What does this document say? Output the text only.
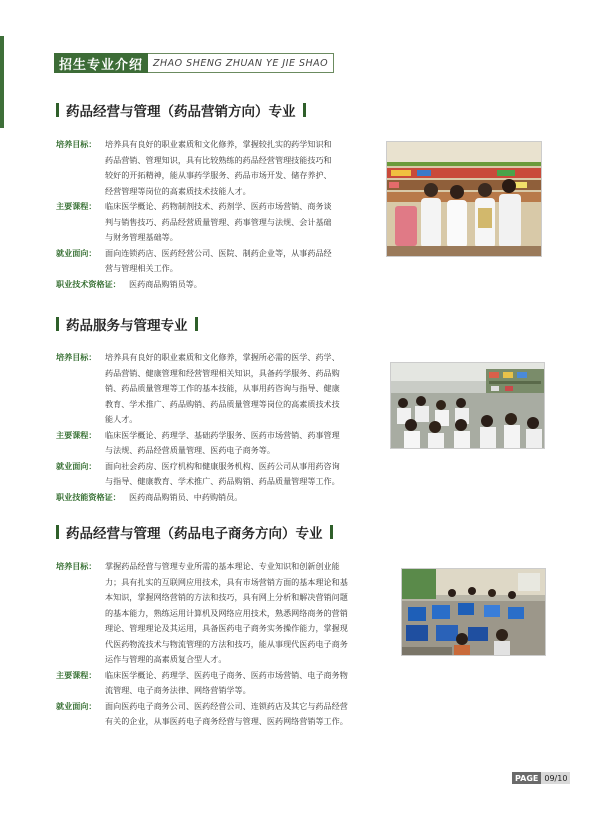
招生专业介绍	ZHAO SHENG ZHUAN YE JIE SHAO
药品经营与管理（药品营销方向）专业
培养目标： 培养具有良好的职业素质和文化修养，掌握较扎实的药学知识和
药品营销、管理知识，具有比较熟练的药品经营管理技能技巧和
较好的开拓精神，能从事药学服务、药品市场开发、储存养护、
经营管理等岗位的高素质技术技能人才。
主要课程： 临床医学概论、药物制剂技术、药剂学、医药市场营销、商务谈
判与销售技巧、药品经营质量管理、药事管理与法规、会计基础
与财务管理基础等。
就业面向： 面向连锁药店、医药经营公司、医院、制药企业等，从事药品经
营与管理相关工作。
职业技术资格证： 医药商品购销员等。
药品服务与管理专业
培养目标： 培养具有良好的职业素质和文化修养，掌握所必需的医学、药学、
药品营销、健康管理和经营管理相关知识，具备药学服务、药品购
销、药品质量管理等工作的基本技能，从事用药咨询与指导、健康
教育、学术推广、药品购销、药品质量管理等岗位的高素质技术技
能人才。
主要课程： 临床医学概论、药理学、基础药学服务、医药市场营销、药事管理
与法规、药品经营质量管理、医药电子商务等。
就业面向： 面向社会药房、医疗机构和健康服务机构、医药公司从事用药咨询
与指导、健康教育、学术推广、药品购销、药品质量管理等工作。
职业技能资格证： 医药商品购销员、中药购销员。
药品经营与管理（药品电子商务方向）专业
培养目标： 掌握药品经营与管理专业所需的基本理论、专业知识和创新创业能
力；具有扎实的互联网应用技术，具有市场营销方面的基本理论和基
本知识，掌握网络营销的方法和技巧，具有网上分析和解决营销问题
的基本能力，熟练运用计算机及网络应用技术，熟悉网络商务的营销
理论、管理理论及其运用，具备医药电子商务实务操作能力，掌握现
代医药物流技术与物流管理的方法和技巧，能从事现代医药电子商务
运作与管理的高素质复合型人才。
主要课程： 临床医学概论、药理学、医药电子商务、医药市场营销、电子商务物
流管理、电子商务法律、网络营销学等。
就业面向： 面向医药电子商务公司、医药经营公司、连锁药店及其它与药品经营
有关的企业，从事医药电子商务经营与管理、医药网络营销等工作。
PAGE 09/10
